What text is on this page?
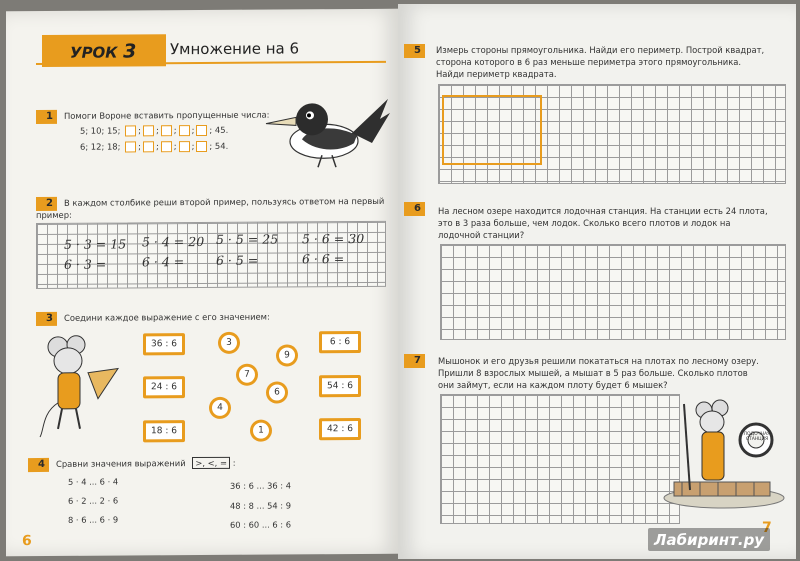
УРОК 3	Умножение на 6
1	Помоги Вороне вставить пропущенные числа:
5; 10; 15; ; ; ; ; ; 45.
6; 12; 18; ; ; ; ; ; 54.
2	В каждом столбике реши второй пример, пользуясь ответом на первый
пример:
5 · 3 = 15 5 · 4 = 20 5 · 5 = 25 5 · 6 = 30
6 · 3 =	6 · 4 =	6 · 5 =	6 · 6 =
3	Соедини каждое выражение с его значением:
36 : 6
24 : 6
18 : 6
6 : 6
54 : 6
42 : 6
3
9
7
6
4
1
4	Сравни значения выражений >, <, = :
5 · 4 ... 6 · 4
6 · 2 ... 2 · 6
8 · 6 ... 6 · 9
36 : 6 ... 36 : 4
48 : 8 ... 54 : 9
60 : 60 ... 6 : 6
6
5	Измерь стороны прямоугольника. Найди его периметр. Построй квадрат,
сторона которого в 6 раз меньше периметра этого прямоугольника.
Найди периметр квадрата.
6	На лесном озере находится лодочная станция. На станции есть 24 плота,
это в 3 раза больше, чем лодок. Сколько всего плотов и лодок на
лодочной станции?
7	Мышонок и его друзья решили покататься на плотах по лесному озеру.
Пришли 8 взрослых мышей, а мышат в 5 раз больше. Сколько плотов
они займут, если на каждом плоту будет 6 мышек?
ЛОДОЧНАЯ СТАНЦИЯ
7
Лабиринт.ру
